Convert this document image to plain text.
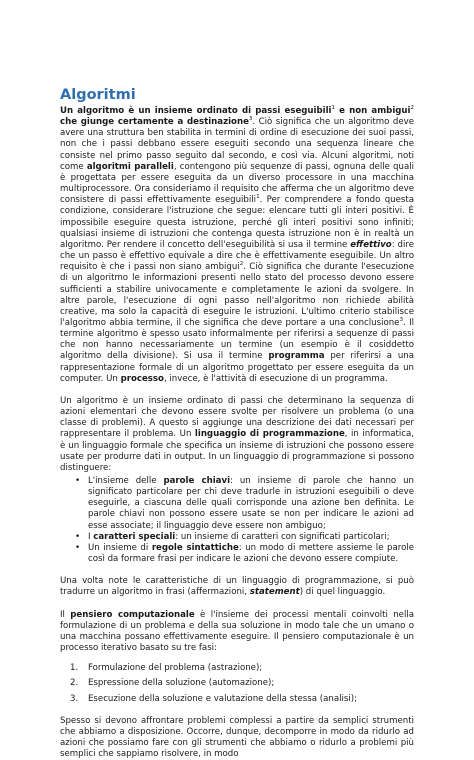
Algoritmi

Un algoritmo è un insieme ordinato di passi eseguibili$^1$ e non ambigui$^2$ che giunge certamente a destinazione$^3$. Ciò significa che un algoritmo deve avere una struttura ben stabilita in termini di ordine di esecuzione dei suoi passi, non che i passi debbano essere eseguiti secondo una sequenza lineare che consiste nel primo passo seguito dal secondo, e così via. Alcuni algoritmi, noti come algoritmi paralleli, contengono più sequenze di passi, ognuna delle quali è progettata per essere eseguita da un diverso processore in una macchina multiprocessore. Ora consideriamo il requisito che afferma che un algoritmo deve consistere di passi effettivamente eseguibili$^1$. Per comprendere a fondo questa condizione, considerare l'istruzione che segue: elencare tutti gli interi positivi. È impossibile eseguire questa istruzione, perché gli interi positivi sono infiniti; qualsiasi insieme di istruzioni che contenga questa istruzione non è in realtà un algoritmo. Per rendere il concetto dell'eseguibilità si usa il termine effettivo: dire che un passo è effettivo equivale a dire che è effettivamente eseguibile. Un altro requisito è che i passi non siano ambigui$^2$. Ciò significa che durante l'esecuzione di un algoritmo le informazioni presenti nello stato del processo devono essere sufficienti a stabilire univocamente e completamente le azioni da svolgere. In altre parole, l'esecuzione di ogni passo nell'algoritmo non richiede abilità creative, ma solo la capacità di eseguire le istruzioni. L'ultimo criterio stabilisce l'algoritmo abbia termine, il che significa che deve portare a una conclusione$^3$. Il termine algoritmo è spesso usato informalmente per riferirsi a sequenze di passi che non hanno necessariamente un termine (un esempio è il cosiddetto algoritmo della divisione). Si usa il termine programma per riferirsi a una rappresentazione formale di un algoritmo progettato per essere eseguita da un computer. Un processo, invece, è l'attività di esecuzione di un programma.

Un algoritmo è un insieme ordinato di passi che determinano la sequenza di azioni elementari che devono essere svolte per risolvere un problema (o una classe di problemi). A questo si aggiunge una descrizione dei dati necessari per rappresentare il problema. Un linguaggio di programmazione, in informatica, è un linguaggio formale che specifica un insieme di istruzioni che possono essere usate per produrre dati in output. In un linguaggio di programmazione si possono distinguere:

• L'insieme delle parole chiavi: un insieme di parole che hanno un significato particolare per chi deve tradurle in istruzioni eseguibili o deve eseguirle, a ciascuna delle quali corrisponde una azione ben definita. Le parole chiavi non possono essere usate se non per indicare le azioni ad esse associate; il linguaggio deve essere non ambiguo;
• I caratteri speciali: un insieme di caratteri con significati particolari;
• Un insieme di regole sintattiche: un modo di mettere assieme le parole così da formare frasi per indicare le azioni che devono essere compiute.

Una volta note le caratteristiche di un linguaggio di programmazione, si può tradurre un algoritmo in frasi (affermazioni, statement) di quel linguaggio.

Il pensiero computazionale è l'insieme dei processi mentali coinvolti nella formulazione di un problema e della sua soluzione in modo tale che un umano o una macchina possano effettivamente eseguire. Il pensiero computazionale è un processo iterativo basato su tre fasi:

1. Formulazione del problema (astrazione);
2. Espressione della soluzione (automazione);
3. Esecuzione della soluzione e valutazione della stessa (analisi);

Spesso si devono affrontare problemi complessi a partire da semplici strumenti che abbiamo a disposizione. Occorre, dunque, decomporre in modo da ridurlo ad azioni che possiamo fare con gli strumenti che abbiamo o ridurlo a problemi più semplici che sappiamo risolvere, in modo
